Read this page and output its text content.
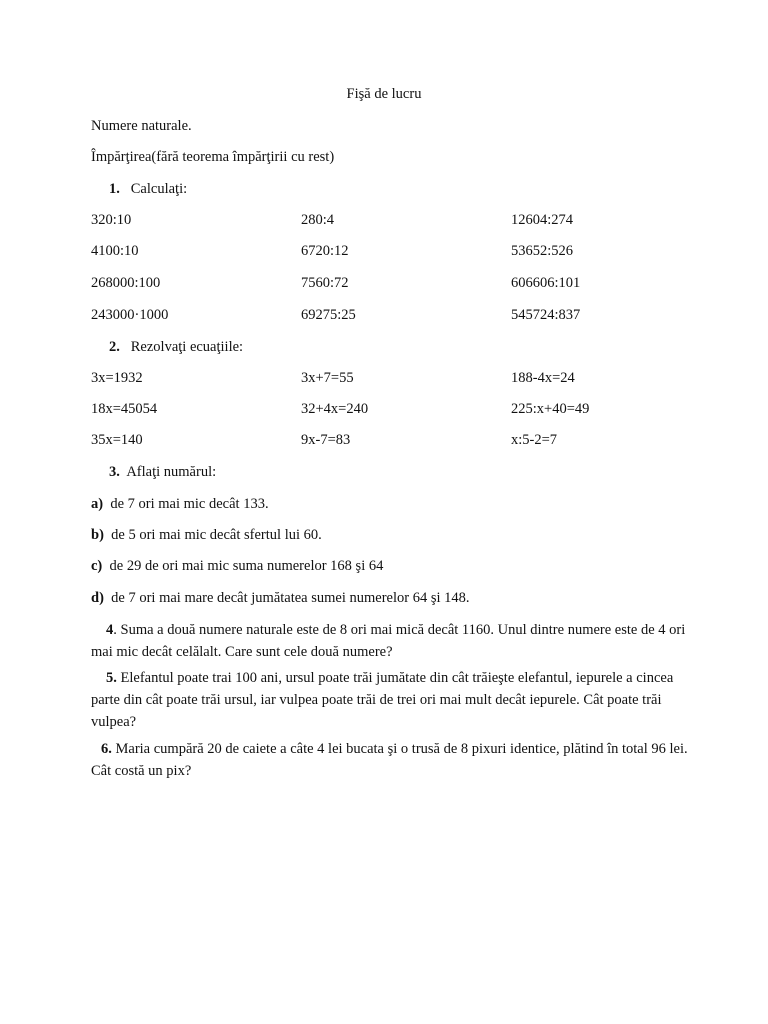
Fişă de lucru
Numere naturale.
Împărţirea(fără teorema împărţirii cu rest)
1. Calculaţi:
320:10	280:4	12604:274
4100:10	6720:12	53652:526
268000:100	7560:72	606606:101
243000·1000	69275:25	545724:837
2. Rezolvaţi ecuaţiile:
3x=1932	3x+7=55	188-4x=24
18x=45054	32+4x=240	225:x+40=49
35x=140	9x-7=83	x:5-2=7
3. Aflaţi numărul:
a) de 7 ori mai mic decât 133.
b) de 5 ori mai mic decât sfertul lui 60.
c) de 29 de ori mai mic suma numerelor 168 şi 64
d) de 7 ori mai mare decât jumătatea sumei numerelor 64 şi 148.
4. Suma a două numere naturale este de 8 ori mai mică decât 1160. Unul dintre numere este de 4 ori mai mic decât celălalt. Care sunt cele două numere?
5. Elefantul poate trai 100 ani, ursul poate trăi jumătate din cât trăieşte elefantul, iepurele a cincea parte din cât poate trăi ursul, iar vulpea poate trăi de trei ori mai mult decât iepurele. Cât poate trăi vulpea?
6. Maria cumpără 20 de caiete a câte 4 lei bucata şi o trusă de 8 pixuri identice, plătind în total 96 lei. Cât costă un pix?
